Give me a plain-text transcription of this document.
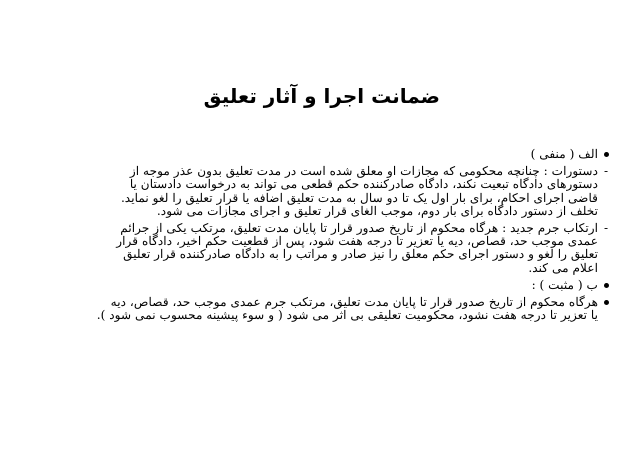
ضمانت اجرا و آثار تعلیق
الف ( منفی )
-
دستورات : چنانچه محکومی که مجازات او معلق شده است در مدت تعلیق بدون عذر موجه از
دستورهای دادگاه تبعیت نکند، دادگاه صادرکننده حکم قطعی می تواند به درخواست دادستان یا
قاضی اجرای احکام، برای بار اول یک تا دو سال به مدت تعلیق اضافه یا قرار تعلیق را لغو نماید.
تخلف از دستور دادگاه برای بار دوم، موجب الغای قرار تعلیق و اجرای مجازات می شود.
-
ارتکاب جرم جدید : هرگاه محکوم از تاریخ صدور قرار تا پایان مدت تعلیق، مرتکب یکی از جرائم
عمدی موجب حد، قصاص، دیه یا تعزیر تا درجه هفت شود، پس از قطعیت حکم اخیر، دادگاه قرار
تعلیق را لغو و دستور اجرای حکم معلق را نیز صادر و مراتب را به دادگاه صادرکننده قرار تعلیق
اعلام می کند.
ب ( مثبت ) :
هرگاه محکوم از تاریخ صدور قرار تا پایان مدت تعلیق، مرتکب جرم عمدی موجب حد، قصاص، دیه
یا تعزیر تا درجه هفت نشود، محکومیت تعلیقی بی اثر می شود ( و سوء پیشینه محسوب نمی شود ).
